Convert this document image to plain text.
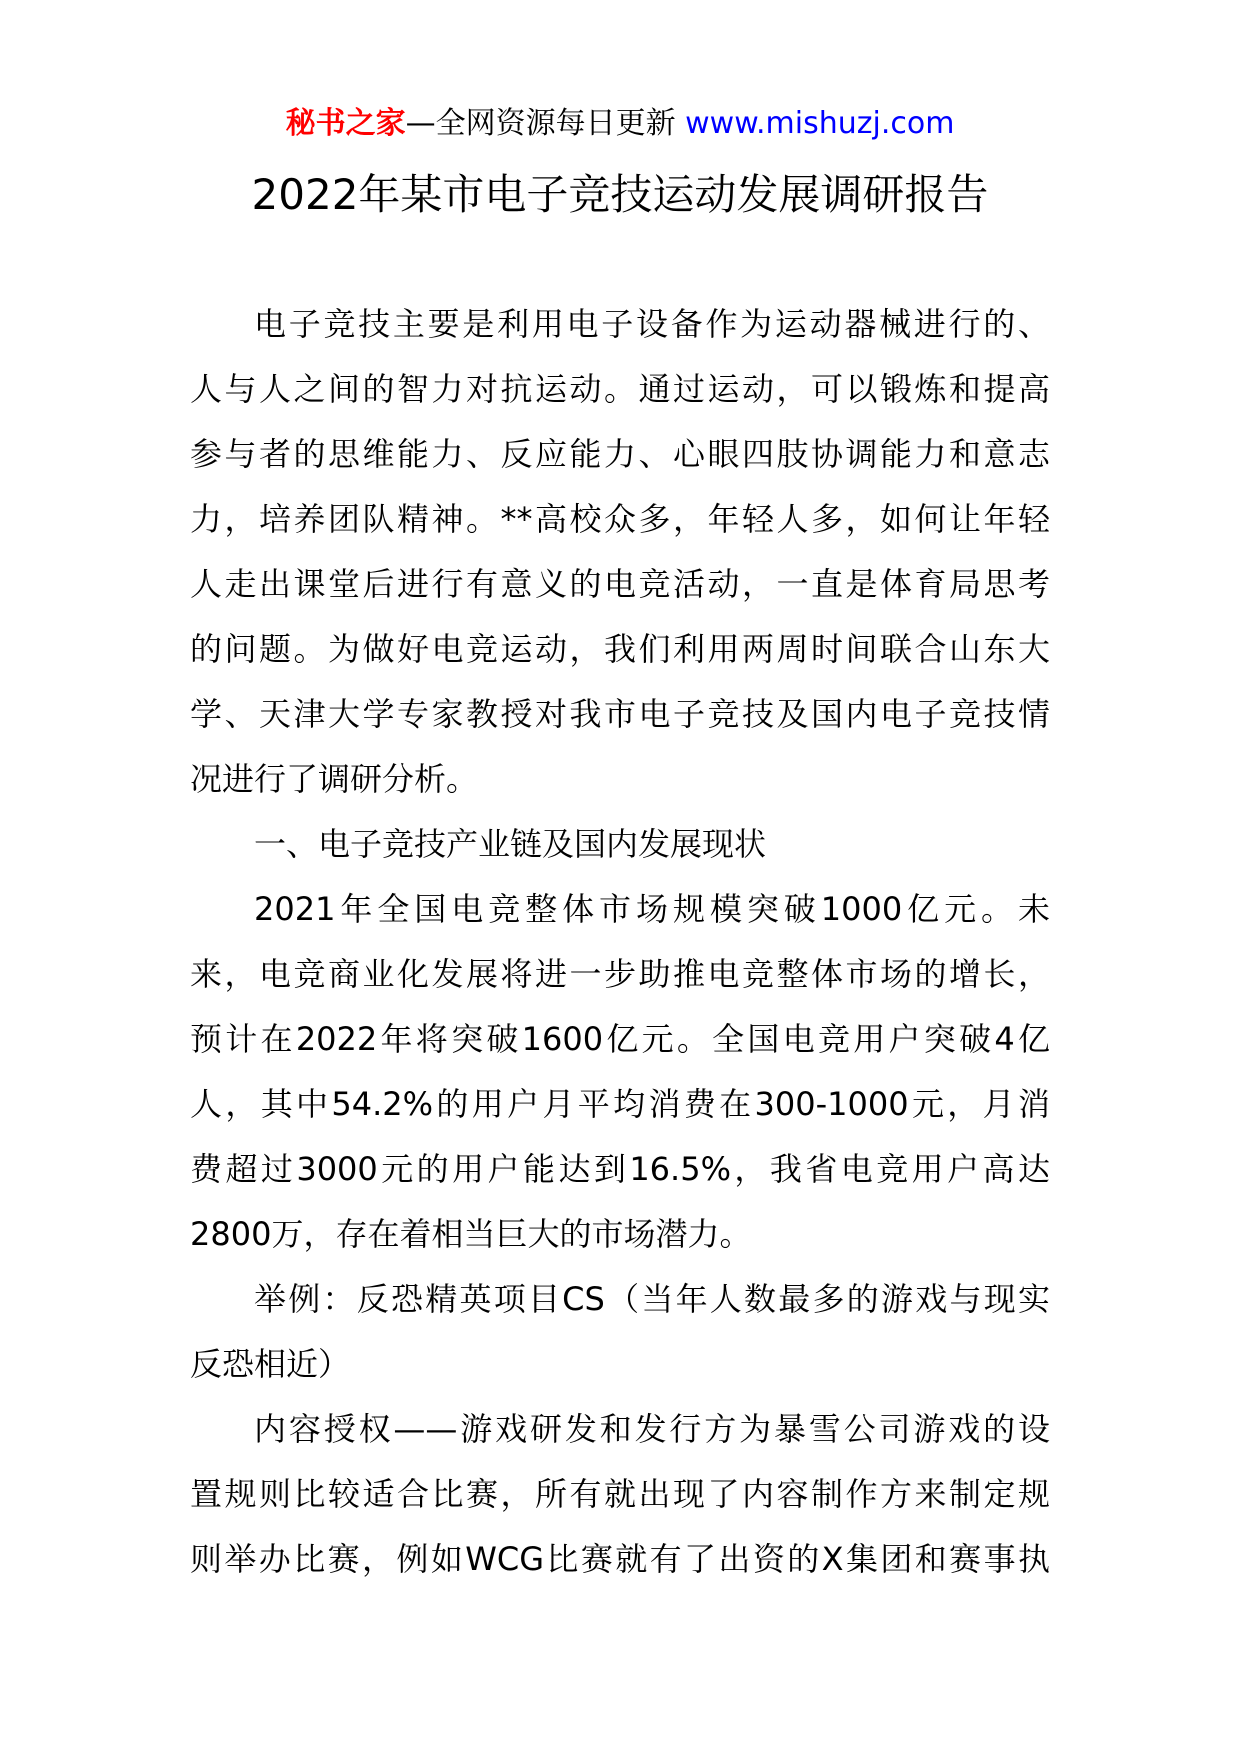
秘书之家—全网资源每日更新 www.mishuzj.com
2022年某市电子竞技运动发展调研报告
电子竞技主要是利用电子设备作为运动器械进行的、
人与人之间的智力对抗运动。通过运动，可以锻炼和提高
参与者的思维能力、反应能力、心眼四肢协调能力和意志
力，培养团队精神。**高校众多，年轻人多，如何让年轻
人走出课堂后进行有意义的电竞活动，一直是体育局思考
的问题。为做好电竞运动，我们利用两周时间联合山东大
学、天津大学专家教授对我市电子竞技及国内电子竞技情
况进行了调研分析。
一、电子竞技产业链及国内发展现状
2021年全国电竞整体市场规模突破1000亿元。未
来，电竞商业化发展将进一步助推电竞整体市场的增长，
预计在2022年将突破1600亿元。全国电竞用户突破4亿
人，其中54.2%的用户月平均消费在300-1000元，月消
费超过3000元的用户能达到16.5%，我省电竞用户高达
2800万，存在着相当巨大的市场潜力。
举例：反恐精英项目CS（当年人数最多的游戏与现实
反恐相近）
内容授权——游戏研发和发行方为暴雪公司游戏的设
置规则比较适合比赛，所有就出现了内容制作方来制定规
则举办比赛，例如WCG比赛就有了出资的X集团和赛事执
